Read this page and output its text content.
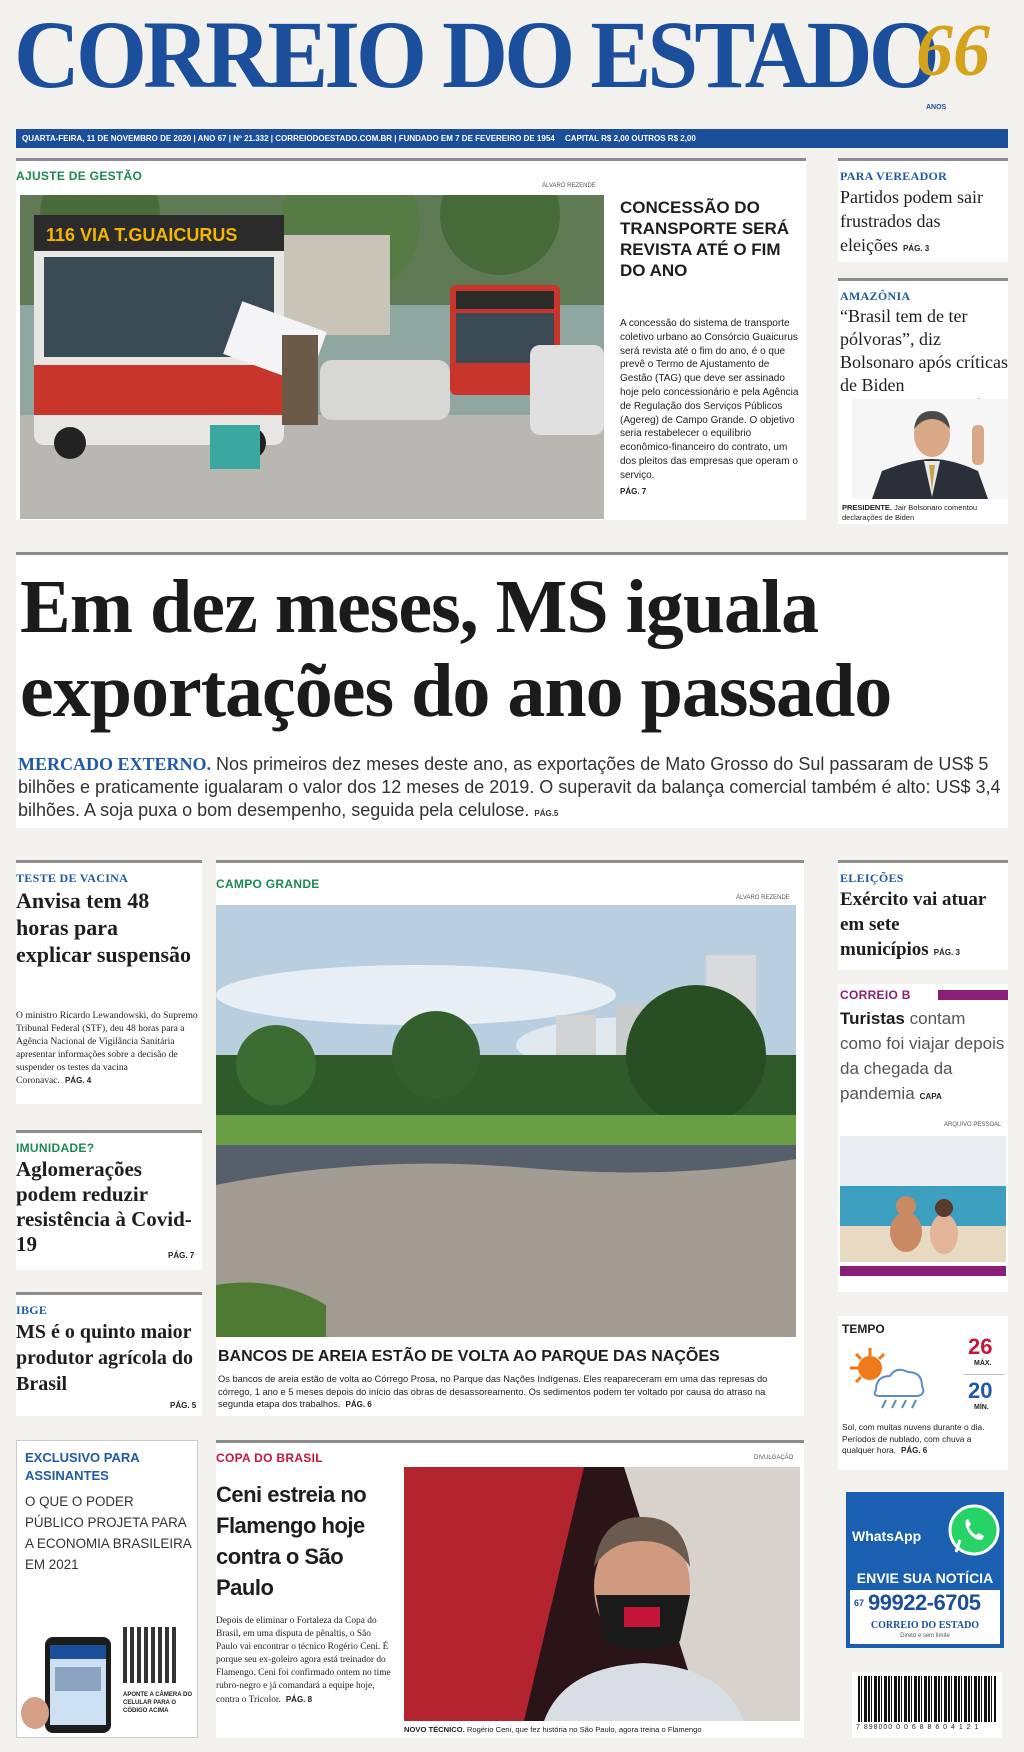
CORREIO DO ESTADO
66
ANOS
QUARTA-FEIRA, 11 DE NOVEMBRO DE 2020 | ANO 67 | Nº 21.332 | CORREIODOESTADO.COM.BR | FUNDADO EM 7 DE FEVEREIRO DE 1954 CAPITAL R$ 2,00 OUTROS R$ 2,00
AJUSTE DE GESTÃO
ÁLVARO REZENDE
116 VIA T.GUAICURUS
CONCESSÃO DO TRANSPORTE SERÁ REVISTA ATÉ O FIM DO ANO
A concessão do sistema de transporte coletivo urbano ao Consórcio Guaicurus será revista até o fim do ano, é o que prevê o Termo de Ajustamento de Gestão (TAG) que deve ser assinado hoje pelo concessionário e pela Agência de Regulação dos Serviços Públicos (Agereg) de Campo Grande. O objetivo seria restabelecer o equilíbrio econômico-financeiro do contrato, um dos pleitos das empresas que operam o serviço.
PÁG. 7
PARA VEREADOR
Partidos podem sair frustrados das eleições PÁG. 3
AMAZÔNIA
“Brasil tem de ter pólvoras”, diz Bolsonaro após críticas de Biden
PRESIDENTE. Jair Bolsonaro comentou declarações de Biden
Em dez meses, MS iguala exportações do ano passado
MERCADO EXTERNO. Nos primeiros dez meses deste ano, as exportações de Mato Grosso do Sul passaram de US$ 5 bilhões e praticamente igualaram o valor dos 12 meses de 2019. O superavit da balança comercial também é alto: US$ 3,4 bilhões. A soja puxa o bom desempenho, seguida pela celulose. PÁG.5
TESTE DE VACINA
Anvisa tem 48 horas para explicar suspensão
O ministro Ricardo Lewandowski, do Supremo Tribunal Federal (STF), deu 48 horas para a Agência Nacional de Vigilância Sanitária apresentar informações sobre a decisão de suspender os testes da vacina Coronavac. PÁG. 4
IMUNIDADE?
Aglomerações podem reduzir resistência à Covid-19	PÁG. 7
IBGE
MS é o quinto maior produtor agrícola do Brasil
PÁG. 5
CAMPO GRANDE
ÁLVARO REZENDE
BANCOS DE AREIA ESTÃO DE VOLTA AO PARQUE DAS NAÇÕES
Os bancos de areia estão de volta ao Córrego Prosa, no Parque das Nações Indígenas. Eles reapareceram em uma das represas do córrego, 1 ano e 5 meses depois do início das obras de desassoreamento. Os sedimentos podem ter voltado por causa do atraso na segunda etapa dos trabalhos. PÁG. 6
ELEIÇÕES
Exército vai atuar em sete municípios PÁG. 3
CORREIO B
Turistas contam como foi viajar depois da chegada da pandemia CAPA
ARQUIVO PESSOAL
TEMPO
26
MÁX.
20
MÍN.
Sol, com muitas nuvens durante o dia. Períodos de nublado, com chuva a qualquer hora. PÁG. 6
EXCLUSIVO PARA ASSINANTES
O QUE O PODER PÚBLICO PROJETA PARA A ECONOMIA BRASILEIRA EM 2021
APONTE A CÂMERA DO CELULAR PARA O CÓDIGO ACIMA
COPA DO BRASIL	DIVULGAÇÃO
Ceni estreia no Flamengo hoje contra o São Paulo
Depois de eliminar o Fortaleza da Copa do Brasil, em uma disputa de pênaltis, o São Paulo vai encontrar o técnico Rogério Ceni. É porque seu ex-goleiro agora está treinador do Flamengo. Ceni foi confirmado ontem no time rubro-negro e já comandará a equipe hoje, contra o Tricolor. PÁG. 8
NOVO TÉCNICO. Rogério Ceni, que fez história no São Paulo, agora treina o Flamengo
WhatsApp
ENVIE SUA NOTÍCIA
67 99922-6705
CORREIO DO ESTADO
Direto e sem limite
7 898000 0 0 6 8 8 6 0 4 1 2 1
